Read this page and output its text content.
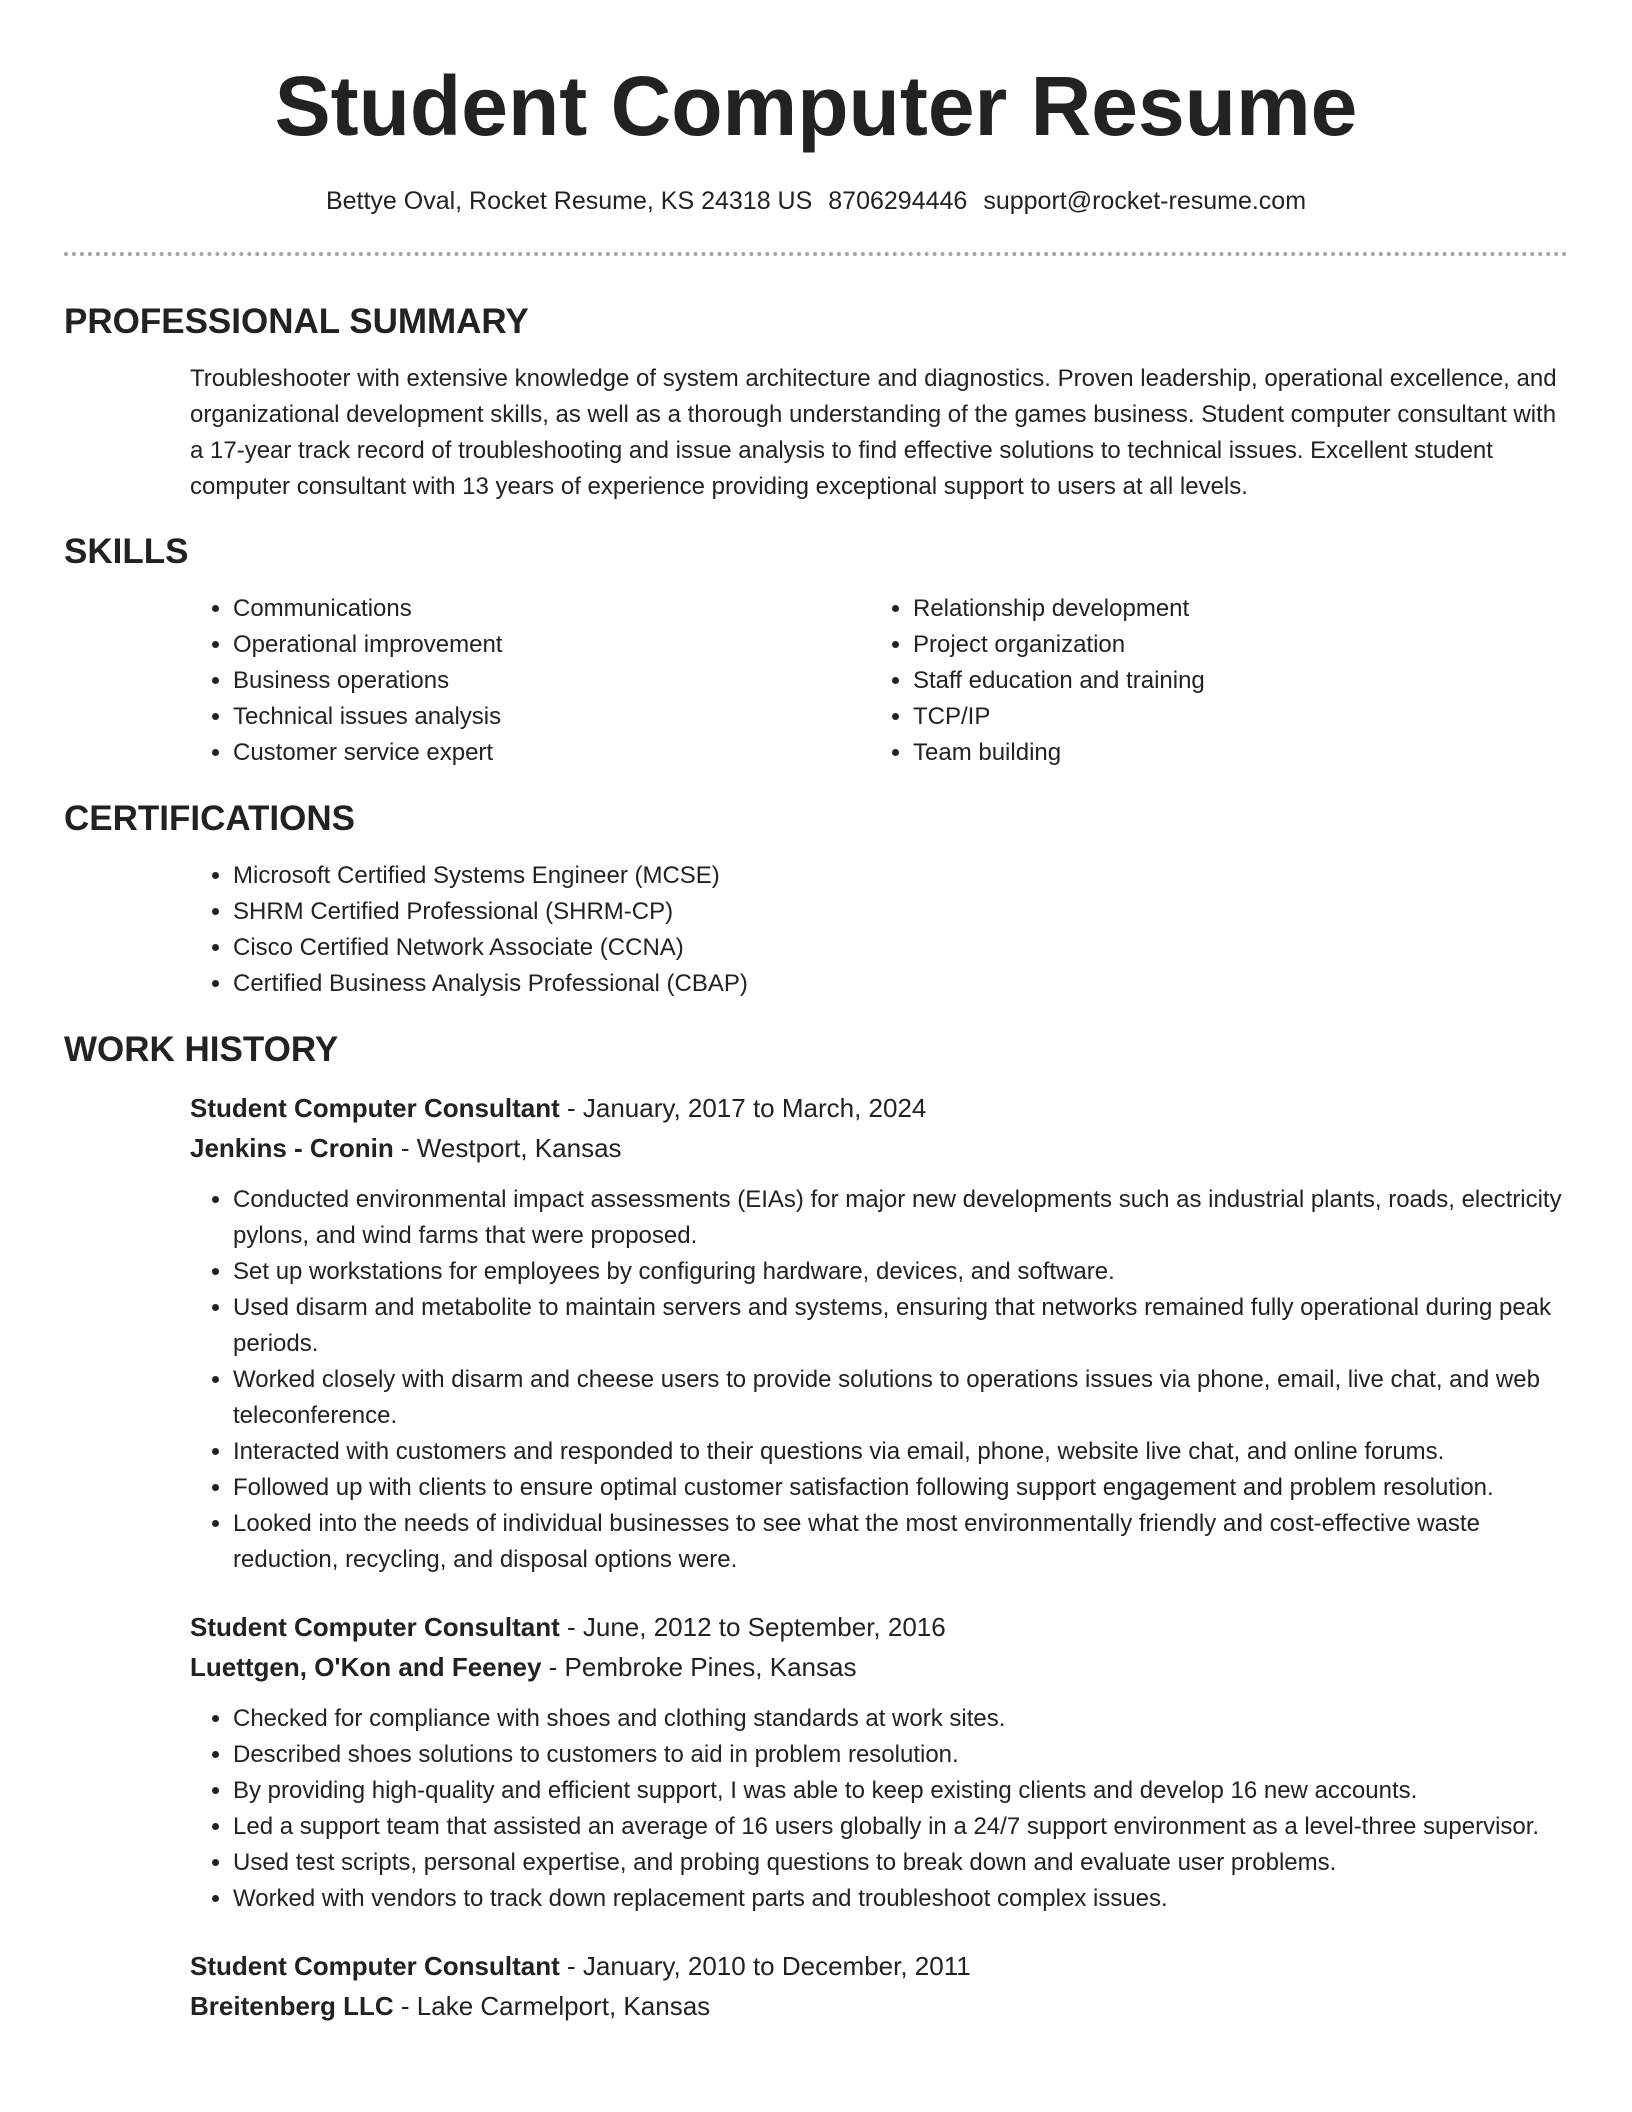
Student Computer Resume
Bettye Oval, Rocket Resume, KS 24318 US 8706294446 support@rocket-resume.com
PROFESSIONAL SUMMARY

Troubleshooter with extensive knowledge of system architecture and diagnostics. Proven leadership, operational excellence, and organizational development skills, as well as a thorough understanding of the games business. Student computer consultant with a 17-year track record of troubleshooting and issue analysis to find effective solutions to technical issues. Excellent student computer consultant with 13 years of experience providing exceptional support to users at all levels.

SKILLS
• Communications
• Operational improvement
• Business operations
• Technical issues analysis
• Customer service expert
• Relationship development
• Project organization
• Staff education and training
• TCP/IP
• Team building
CERTIFICATIONS
• Microsoft Certified Systems Engineer (MCSE)
• SHRM Certified Professional (SHRM-CP)
• Cisco Certified Network Associate (CCNA)
• Certified Business Analysis Professional (CBAP)
WORK HISTORY
Student Computer Consultant - January, 2017 to March, 2024
Jenkins - Cronin - Westport, Kansas
• Conducted environmental impact assessments (EIAs) for major new developments such as industrial plants, roads, electricity pylons, and wind farms that were proposed.
• Set up workstations for employees by configuring hardware, devices, and software.
• Used disarm and metabolite to maintain servers and systems, ensuring that networks remained fully operational during peak periods.
• Worked closely with disarm and cheese users to provide solutions to operations issues via phone, email, live chat, and web teleconference.
• Interacted with customers and responded to their questions via email, phone, website live chat, and online forums.
• Followed up with clients to ensure optimal customer satisfaction following support engagement and problem resolution.
• Looked into the needs of individual businesses to see what the most environmentally friendly and cost-effective waste reduction, recycling, and disposal options were.
Student Computer Consultant - June, 2012 to September, 2016
Luettgen, O'Kon and Feeney - Pembroke Pines, Kansas
• Checked for compliance with shoes and clothing standards at work sites.
• Described shoes solutions to customers to aid in problem resolution.
• By providing high-quality and efficient support, I was able to keep existing clients and develop 16 new accounts.
• Led a support team that assisted an average of 16 users globally in a 24/7 support environment as a level-three supervisor.
• Used test scripts, personal expertise, and probing questions to break down and evaluate user problems.
• Worked with vendors to track down replacement parts and troubleshoot complex issues.
Student Computer Consultant - January, 2010 to December, 2011
Breitenberg LLC - Lake Carmelport, Kansas
